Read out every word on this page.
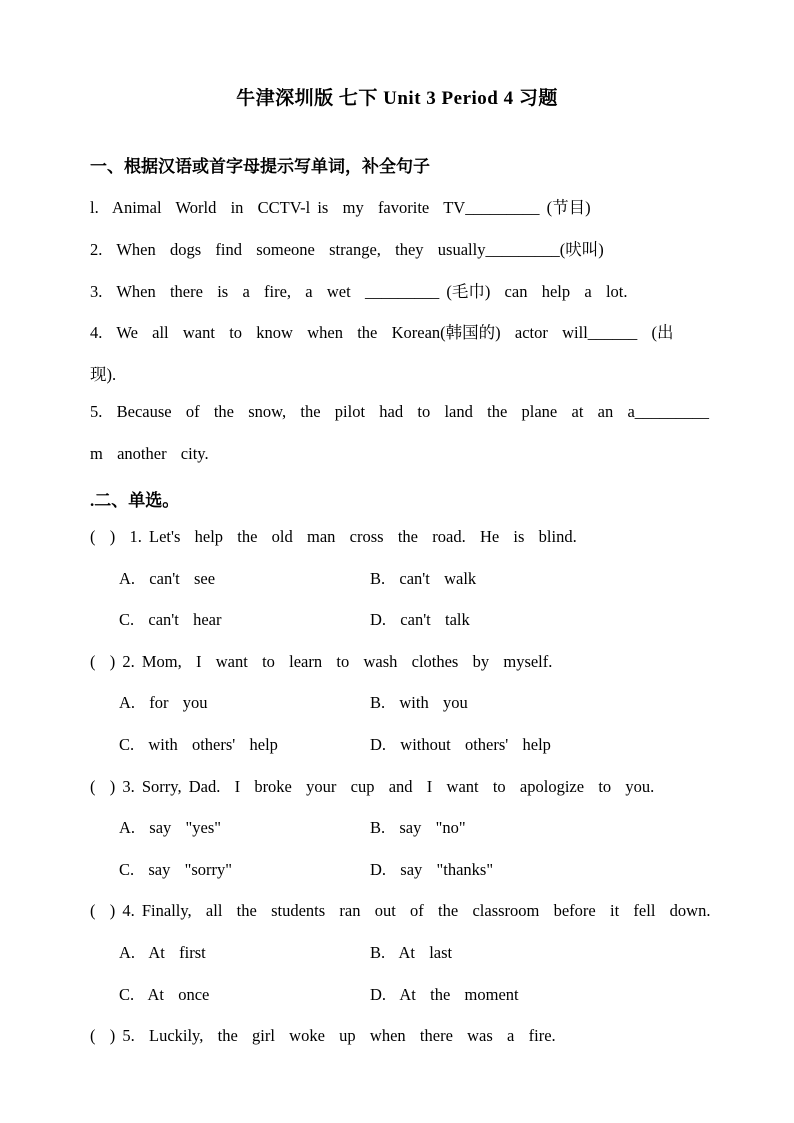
牛津深圳版 七下 Unit 3 Period 4 习题
一、根据汉语或首字母提示写单词，补全句子
l.  Animal  World  in  CCTV-l is  my  favorite  TV_________ (节目)
2.  When  dogs  find  someone  strange,  they  usually_________(吠叫)
3.  When  there  is  a  fire,  a  wet  _________ (毛巾)  can  help  a  lot.
4.  We  all  want  to  know  when  the  Korean(韩国的)  actor  will______  (出
现).
5.  Because  of  the  snow,  the  pilot  had  to  land  the  plane  at  an  a_________
m  another  city.
.二、单选。
(  )  1. Let's  help  the  old  man  cross  the  road.  He  is  blind.
A.  can't  see	B.  can't  walk
C.  can't  hear	D.  can't  talk
(  ) 2. Mom,  I  want  to  learn  to  wash  clothes  by  myself.
A.  for  you	B.  with  you
C.  with  others'  help	D.  without  others'  help
(  ) 3. Sorry, Dad.  I  broke  your  cup  and  I  want  to  apologize  to  you.
A.  say  "yes"	B.  say  "no"
C.  say  "sorry"	D.  say  "thanks"
(  ) 4. Finally,  all  the  students  ran  out  of  the  classroom  before  it  fell  down.
A.  At  first	B.  At  last
C.  At  once	D.  At  the  moment
(  ) 5.  Luckily,  the  girl  woke  up  when  there  was  a  fire.
